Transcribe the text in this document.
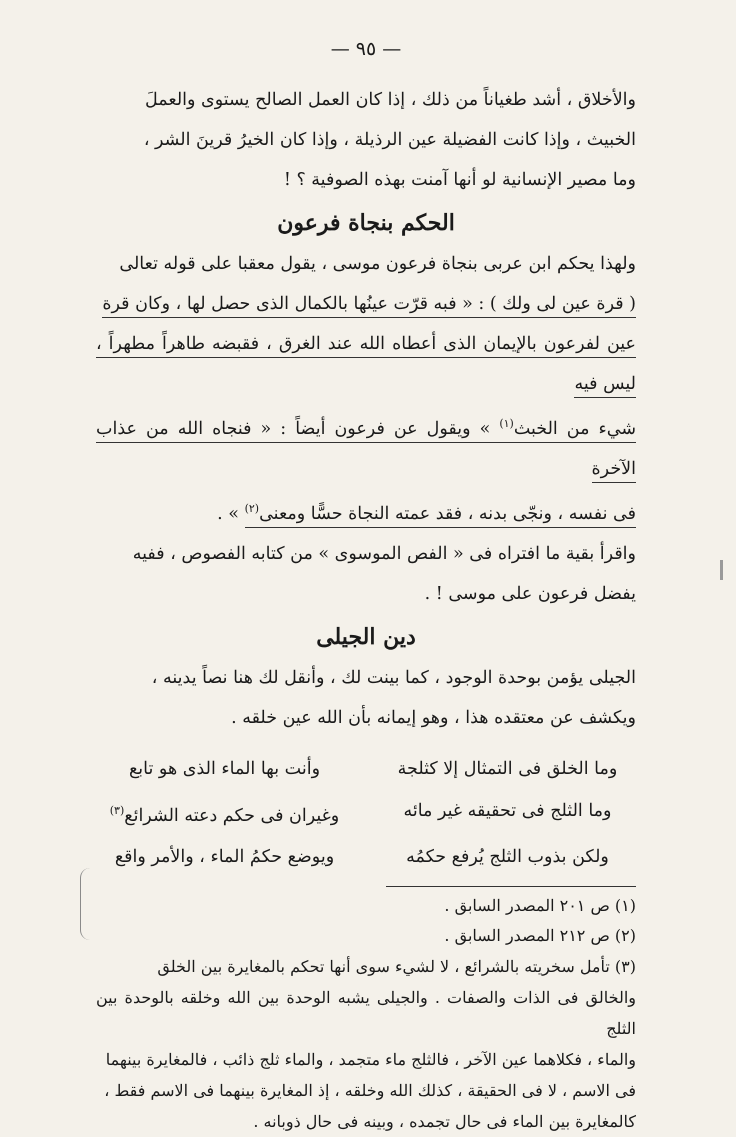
— ٩٥ —

والأخلاق ، أشد طغياناً من ذلك ، إذا كان العمل الصالح يستوى والعملَ

الخبيث ، وإذا كانت الفضيلة عين الرذيلة ، وإذا كان الخيرُ قرينَ الشر ،

وما مصير الإنسانية لو أنها آمنت بهذه الصوفية ؟ !

الحكم بنجاة فرعون

ولهذا يحكم ابن عربى بنجاة فرعون موسى ، يقول معقبا على قوله تعالى

( قرة عين لى ولك ) : « فبه قرّت عينُها بالكمال الذى حصل لها ، وكان قرة

عين لفرعون بالإيمان الذى أعطاه الله عند الغرق ، فقبضه طاهراً مطهراً ، ليس فيه

شيء من الخبث$^{(١)}$ » ويقول عن فرعون أيضاً : « فنجاه الله من عذاب الآخرة

فى نفسه ، ونجّى بدنه ، فقد عمته النجاة حسًّا ومعنى$^{(٢)}$ » .

واقرأ بقية ما افتراه فى « الفص الموسوى » من كتابه الفصوص ، ففيه

يفضل فرعون على موسى ! .

دين الجيلى

الجيلى يؤمن بوحدة الوجود ، كما بينت لك ، وأنقل لك هنا نصاً يدينه ،

ويكشف عن معتقده هذا ، وهو إيمانه بأن الله عين خلقه .

وما الخلق فى التمثال إلا كثلجة
وأنت بها الماء الذى هو تابع
وما الثلج فى تحقيقه غير مائه
وغيران فى حكم دعته الشرائع$^{(٣)}$
ولكن بذوب الثلج يُرفع حكمُه
ويوضع حكمُ الماء ، والأمر واقع

(١) ص ٢٠١ المصدر السابق .

(٢) ص ٢١٢ المصدر السابق .

(٣) تأمل سخريته بالشرائع ، لا لشيء سوى أنها تحكم بالمغايرة بين الخلق

والخالق فى الذات والصفات . والجيلى يشبه الوحدة بين الله وخلقه بالوحدة بين الثلج

والماء ، فكلاهما عين الآخر ، فالثلج ماء متجمد ، والماء ثلج ذائب ، فالمغايرة بينهما

فى الاسم ، لا فى الحقيقة ، كذلك الله وخلقه ، إذ المغايرة بينهما فى الاسم فقط ،

كالمغايرة بين الماء فى حال تجمده ، وبينه فى حال ذوبانه .
